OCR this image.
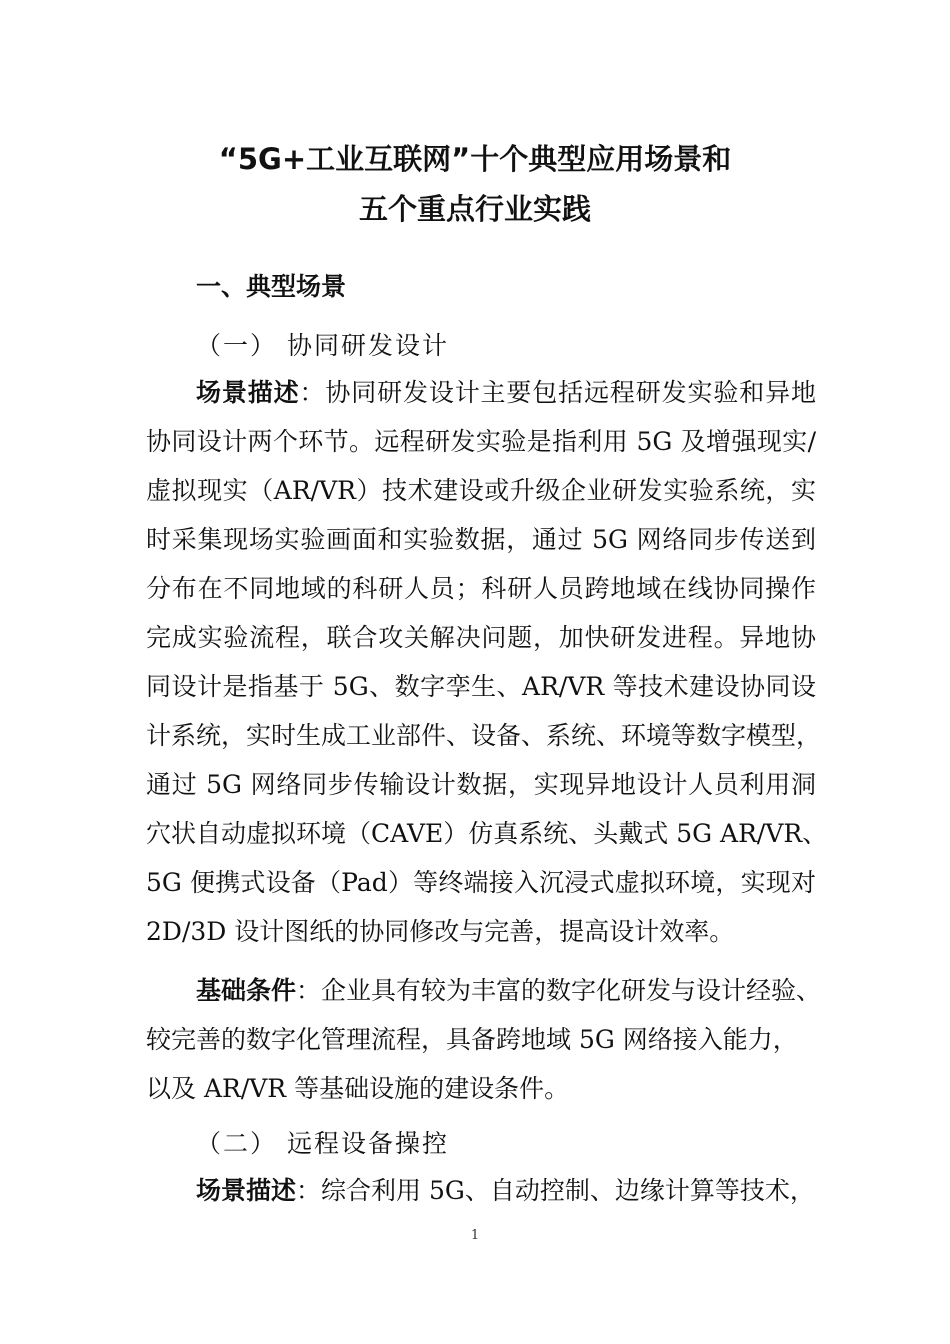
“5G+工业互联网”十个典型应用场景和
五个重点行业实践
一、典型场景
（一） 协同研发设计
场景描述：协同研发设计主要包括远程研发实验和异地
协同设计两个环节。远程研发实验是指利用 5G 及增强现实/
虚拟现实（AR/VR）技术建设或升级企业研发实验系统，实
时采集现场实验画面和实验数据，通过 5G 网络同步传送到
分布在不同地域的科研人员；科研人员跨地域在线协同操作
完成实验流程，联合攻关解决问题，加快研发进程。异地协
同设计是指基于 5G、数字孪生、AR/VR 等技术建设协同设
计系统，实时生成工业部件、设备、系统、环境等数字模型，
通过 5G 网络同步传输设计数据，实现异地设计人员利用洞
穴状自动虚拟环境（CAVE）仿真系统、头戴式 5G AR/VR、
5G 便携式设备（Pad）等终端接入沉浸式虚拟环境，实现对
2D/3D 设计图纸的协同修改与完善，提高设计效率。
基础条件：企业具有较为丰富的数字化研发与设计经验、
较完善的数字化管理流程，具备跨地域 5G 网络接入能力，
以及 AR/VR 等基础设施的建设条件。
（二） 远程设备操控
场景描述：综合利用 5G、自动控制、边缘计算等技术，
1
